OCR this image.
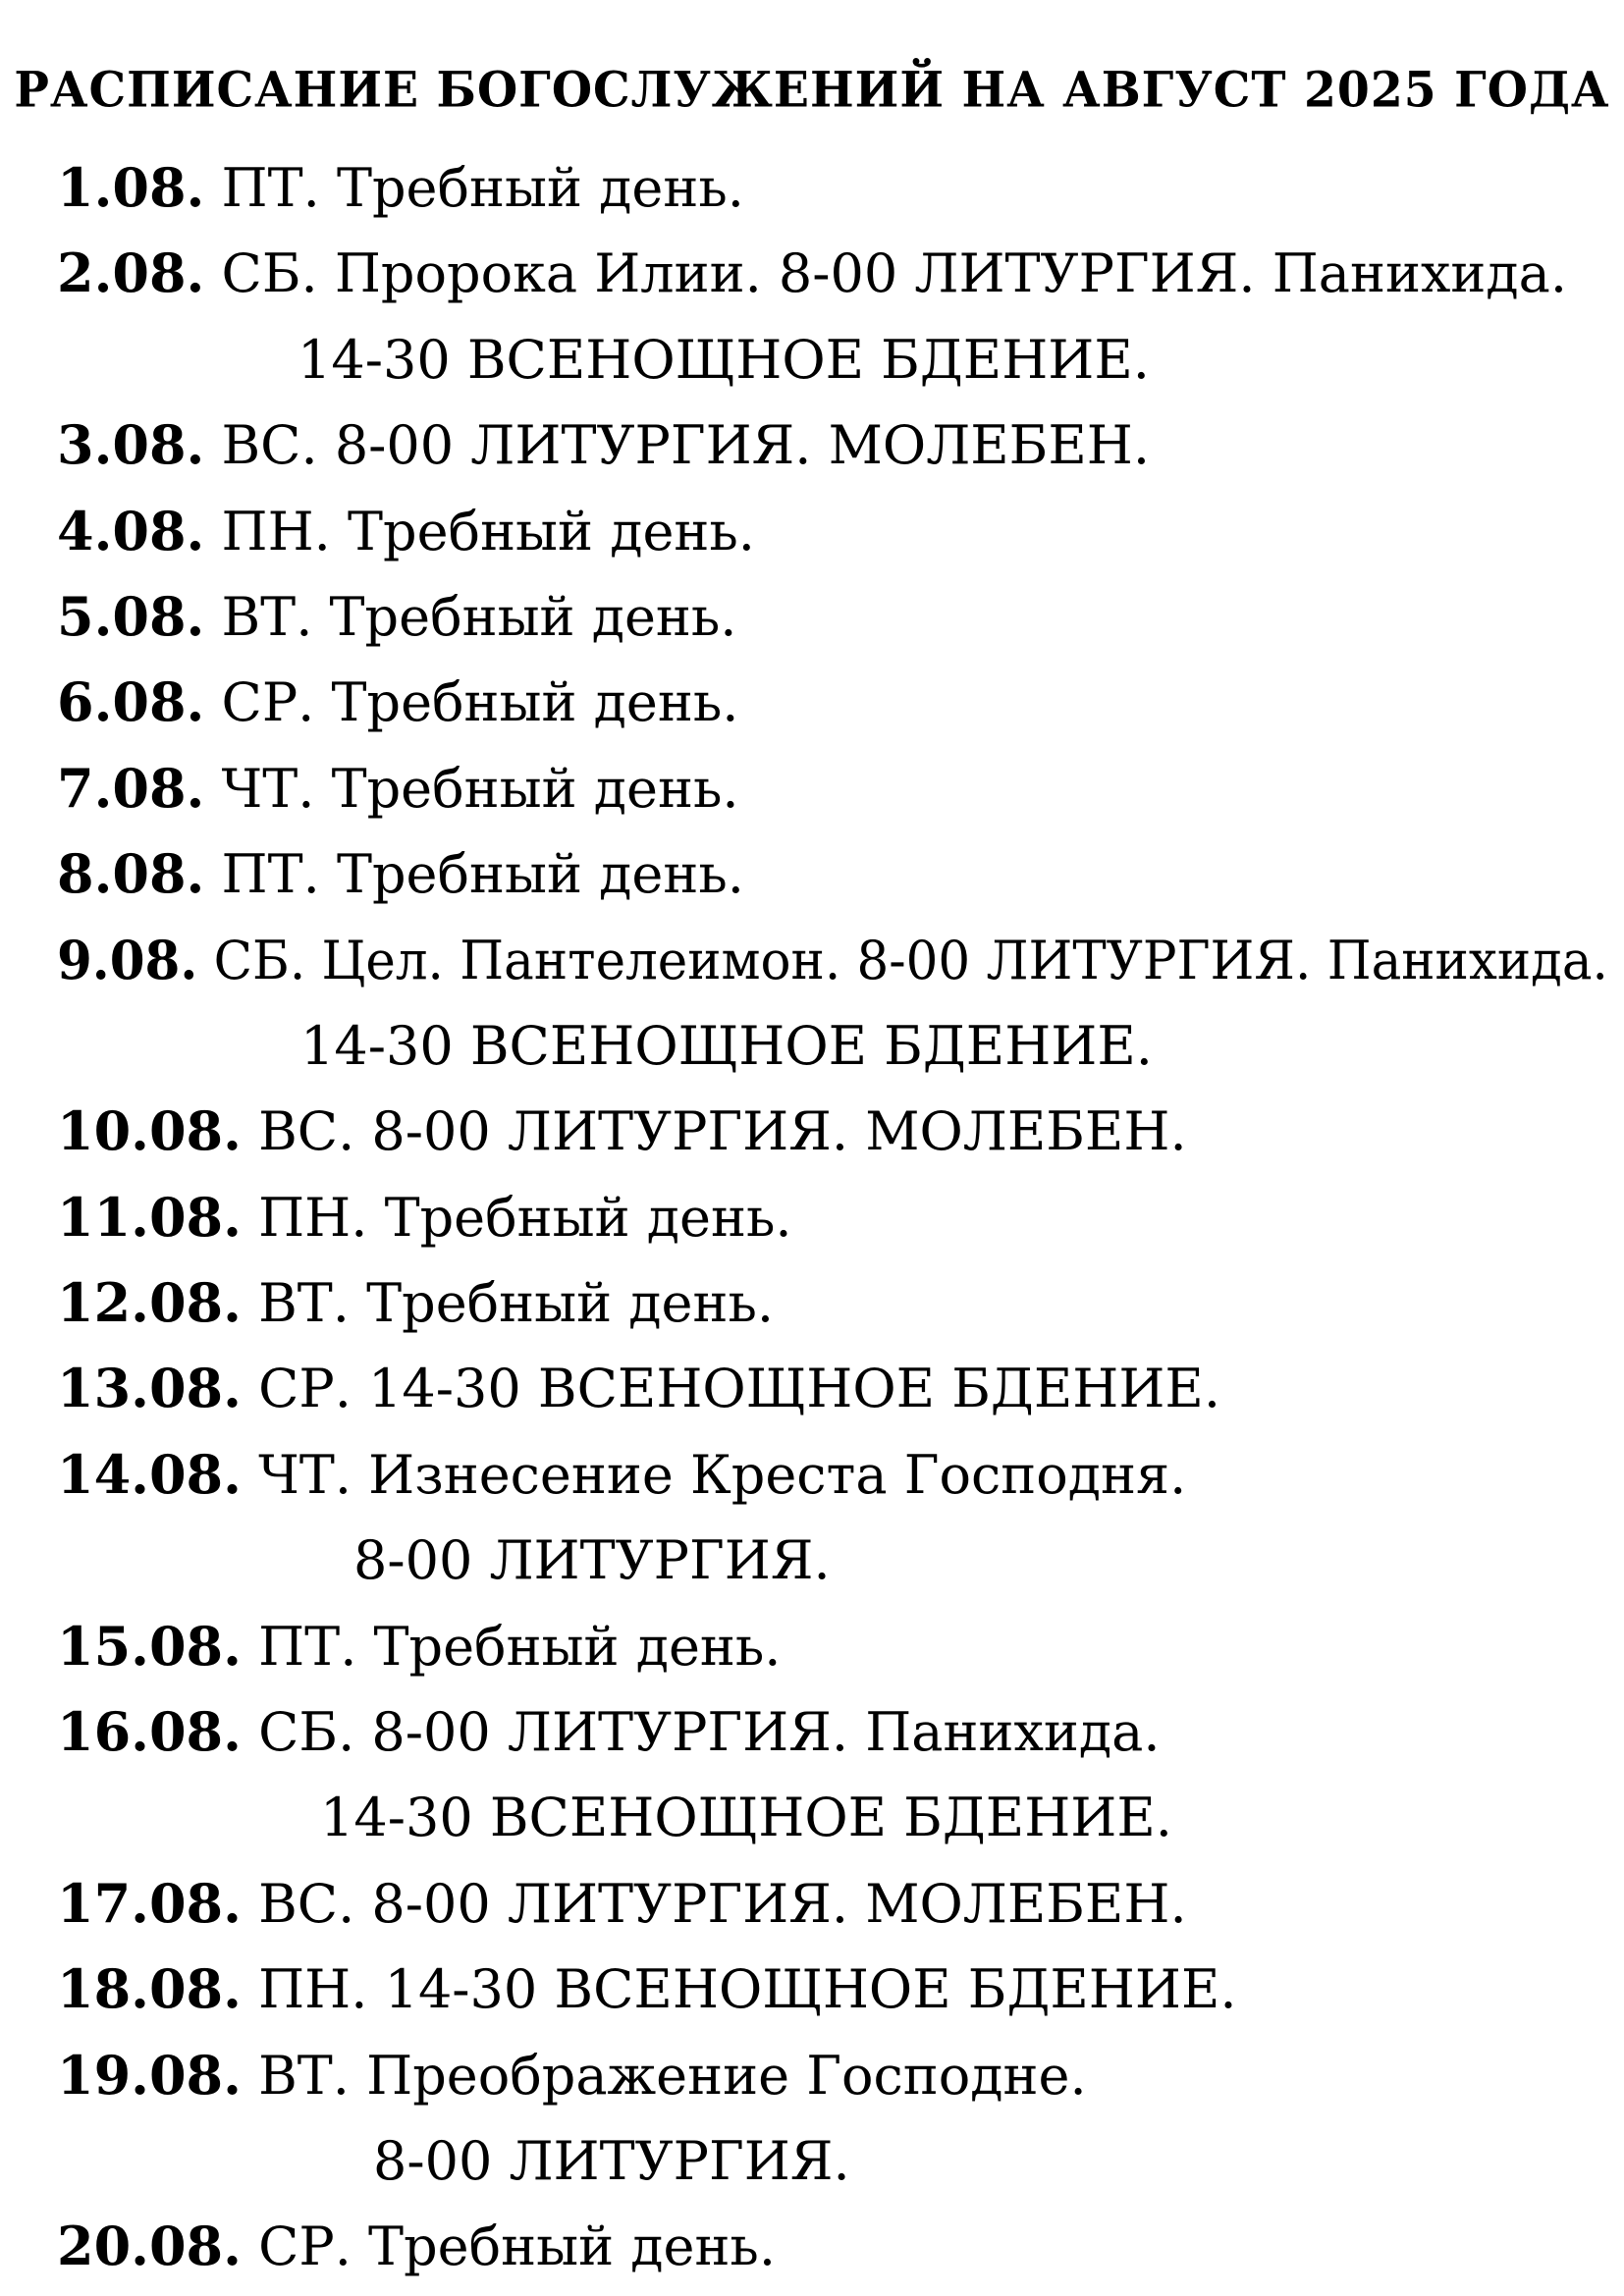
РАСПИСАНИЕ БОГОСЛУЖЕНИЙ НА АВГУСТ 2025 ГОДА
1.08. ПТ. Требный день.
2.08. СБ. Пророка Илии. 8-00 ЛИТУРГИЯ. Панихида.
14-30 ВСЕНОЩНОЕ БДЕНИЕ.
3.08. ВС. 8-00 ЛИТУРГИЯ. МОЛЕБЕН.
4.08. ПН. Требный день.
5.08. ВТ. Требный день.
6.08. СР. Требный день.
7.08. ЧТ. Требный день.
8.08. ПТ. Требный день.
9.08. СБ. Цел. Пантелеимон. 8-00 ЛИТУРГИЯ. Панихида.
14-30 ВСЕНОЩНОЕ БДЕНИЕ.
10.08. ВС. 8-00 ЛИТУРГИЯ. МОЛЕБЕН.
11.08. ПН. Требный день.
12.08. ВТ. Требный день.
13.08. СР. 14-30 ВСЕНОЩНОЕ БДЕНИЕ.
14.08. ЧТ. Изнесение Креста Господня.
8-00 ЛИТУРГИЯ.
15.08. ПТ. Требный день.
16.08. СБ. 8-00 ЛИТУРГИЯ. Панихида.
14-30 ВСЕНОЩНОЕ БДЕНИЕ.
17.08. ВС. 8-00 ЛИТУРГИЯ. МОЛЕБЕН.
18.08. ПН. 14-30 ВСЕНОЩНОЕ БДЕНИЕ.
19.08. ВТ. Преображение Господне.
8-00 ЛИТУРГИЯ.
20.08. СР. Требный день.
